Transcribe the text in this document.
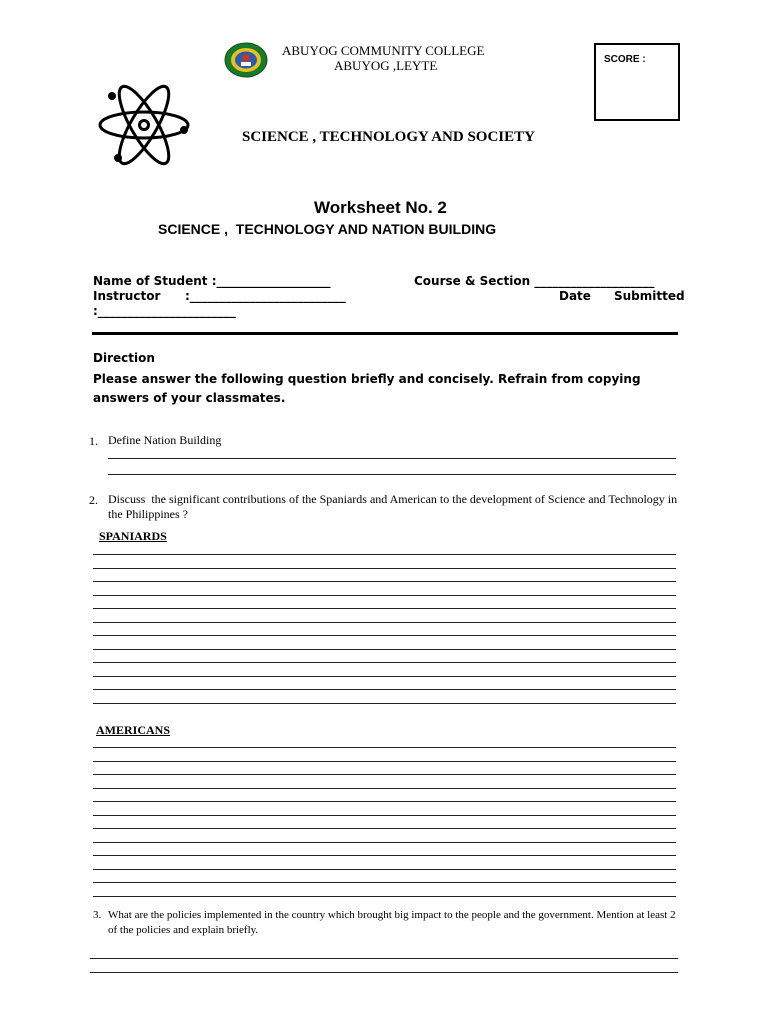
ABUYOG COMMUNITY COLLEGE
ABUYOG ,LEYTE	SCORE :
SCIENCE , TECHNOLOGY AND SOCIETY
Worksheet No. 2
SCIENCE ,  TECHNOLOGY AND NATION BUILDING
Name of Student :___________________	Course & Section ____________________
Instructor :__________________________	Date Submitted
:_______________________
Direction
Please answer the following question briefly and concisely. Refrain from copying answers of your classmates.
1. Define Nation Building
2. Discuss  the significant contributions of the Spaniards and American to the development of Science and Technology in the Philippines ?
SPANIARDS
AMERICANS
3. What are the policies implemented in the country which brought big impact to the people and the government. Mention at least 2 of the policies and explain briefly.
